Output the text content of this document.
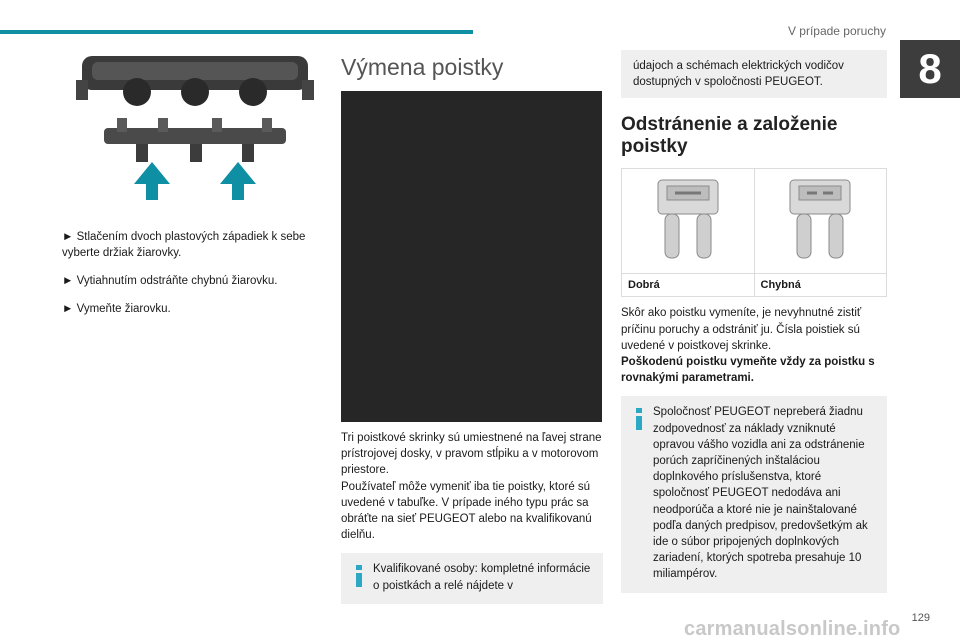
V prípade poruchy
8

► Stlačením dvoch plastových západiek k sebe vyberte držiak žiarovky.

► Vytiahnutím odstráňte chybnú žiarovku.

► Vymeňte žiarovku.

Výmena poistky

Tri poistkové skrinky sú umiestnené na ľavej strane prístrojovej dosky, v pravom stĺpiku a v motorovom priestore.

Používateľ môže vymeniť iba tie poistky, ktoré sú uvedené v tabuľke. V prípade iného typu prác sa obráťte na sieť PEUGEOT alebo na kvalifikovanú dielňu.

Kvalifikované osoby: kompletné informácie o poistkách a relé nájdete v
údajoch a schémach elektrických vodičov dostupných v spoločnosti PEUGEOT.
Odstránenie a založenie poistky

Dobrá	Chybná

Skôr ako poistku vymeníte, je nevyhnutné zistiť príčinu poruchy a odstrániť ju. Čísla poistiek sú uvedené v poistkovej skrinke.

Poškodenú poistku vymeňte vždy za poistku s rovnakými parametrami.

Spoločnosť PEUGEOT nepreberá žiadnu zodpovednosť za náklady vzniknuté opravou vášho vozidla ani za odstránenie porúch zapríčinených inštaláciou doplnkového príslušenstva, ktoré spoločnosť PEUGEOT nedodáva ani neodporúča a ktoré nie je nainštalované podľa daných predpisov, predovšetkým ak ide o súbor pripojených doplnkových zariadení, ktorých spotreba presahuje 10 miliampérov.
129
carmanualsonline.info
